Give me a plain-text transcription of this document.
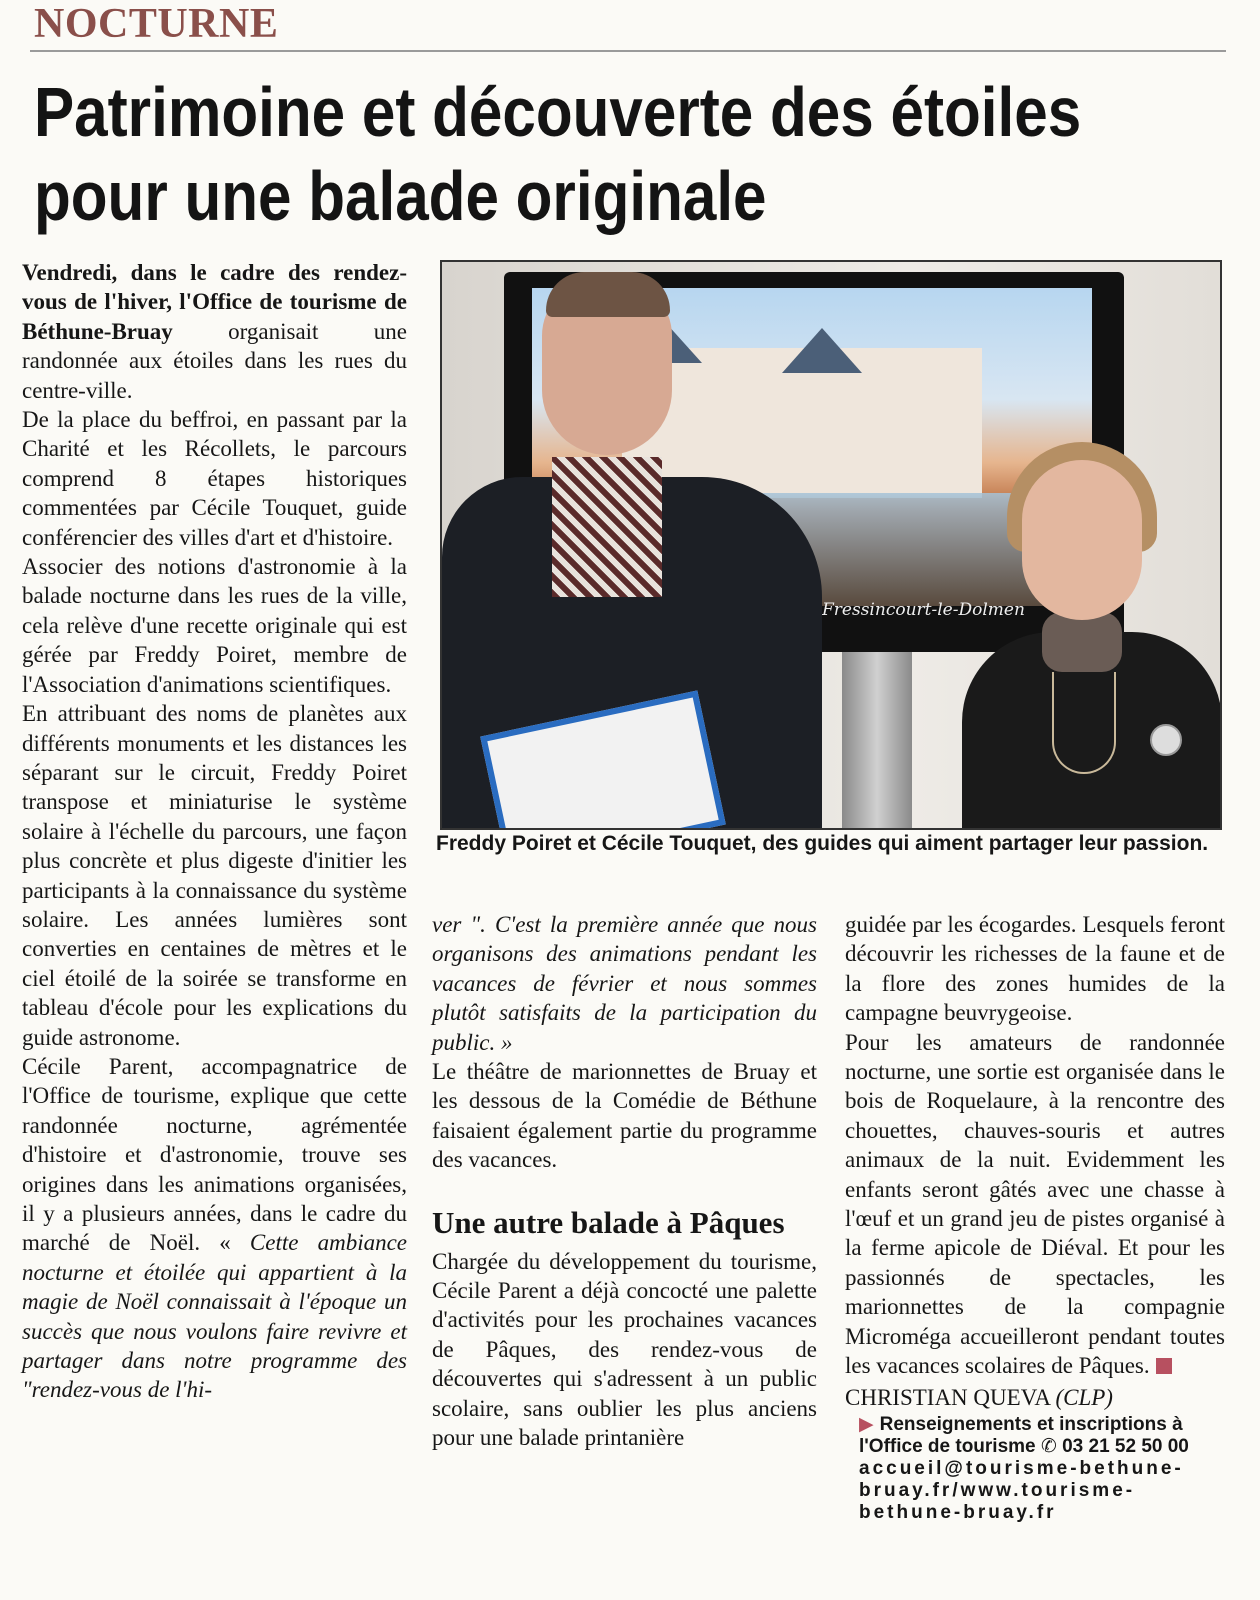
NOCTURNE
Patrimoine et découverte des étoiles
pour une balade originale

Vendredi, dans le cadre des rendez-vous de l'hiver, l'Office de tourisme de Béthune-Bruay organisait une randonnée aux étoiles dans les rues du centre-ville.

De la place du beffroi, en passant par la Charité et les Récollets, le parcours comprend 8 étapes historiques commentées par Cécile Touquet, guide conférencier des villes d'art et d'histoire.

Associer des notions d'astronomie à la balade nocturne dans les rues de la ville, cela relève d'une recette originale qui est gérée par Freddy Poiret, membre de l'Association d'animations scientifiques.

En attribuant des noms de planètes aux différents monuments et les distances les séparant sur le circuit, Freddy Poiret transpose et miniaturise le système solaire à l'échelle du parcours, une façon plus concrète et plus digeste d'initier les participants à la connaissance du système solaire. Les années lumières sont converties en centaines de mètres et le ciel étoilé de la soirée se transforme en tableau d'école pour les explications du guide astronome.

Cécile Parent, accompagnatrice de l'Office de tourisme, explique que cette randonnée nocturne, agrémentée d'histoire et d'astronomie, trouve ses origines dans les animations organisées, il y a plusieurs années, dans le cadre du marché de Noël. « Cette ambiance nocturne et étoilée qui appartient à la magie de Noël connaissait à l'époque un succès que nous voulons faire revivre et partager dans notre programme des "rendez-vous de l'hi-

Fressincourt-le-Dolmen

Freddy Poiret et Cécile Touquet, des guides qui aiment partager leur passion.

ver ". C'est la première année que nous organisons des animations pendant les vacances de février et nous sommes plutôt satisfaits de la participation du public. »

Le théâtre de marionnettes de Bruay et les dessous de la Comédie de Béthune faisaient également partie du programme des vacances.

Une autre balade à Pâques

Chargée du développement du tourisme, Cécile Parent a déjà concocté une palette d'activités pour les prochaines vacances de Pâques, des rendez-vous de découvertes qui s'adressent à un public scolaire, sans oublier les plus anciens pour une balade printanière

guidée par les écogardes. Lesquels feront découvrir les richesses de la faune et de la flore des zones humides de la campagne beuvrygeoise.

Pour les amateurs de randonnée nocturne, une sortie est organisée dans le bois de Roquelaure, à la rencontre des chouettes, chauves-souris et autres animaux de la nuit. Evidemment les enfants seront gâtés avec une chasse à l'œuf et un grand jeu de pistes organisé à la ferme apicole de Diéval. Et pour les passionnés de spectacles, les marionnettes de la compagnie Microméga accueilleront pendant toutes les vacances scolaires de Pâques.

CHRISTIAN QUEVA (CLP)
▶ Renseignements et inscriptions à l'Office de tourisme ✆ 03 21 52 50 00
accueil@tourisme-bethune-bruay.fr/www.tourisme-bethune-bruay.fr
